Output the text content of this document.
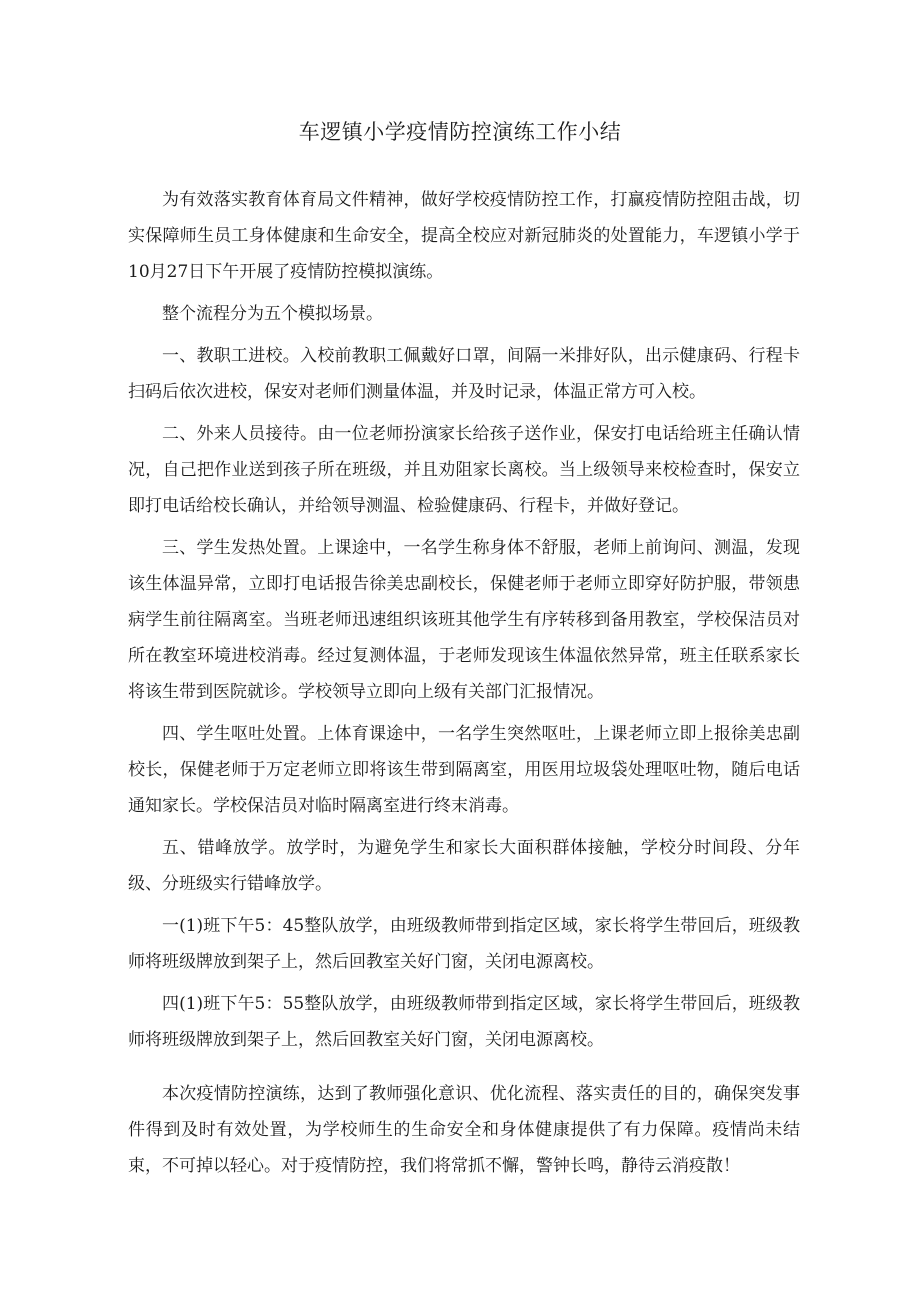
车逻镇小学疫情防控演练工作小结

为有效落实教育体育局文件精神，做好学校疫情防控工作，打赢疫情防控阻击战，切实保障师生员工身体健康和生命安全，提高全校应对新冠肺炎的处置能力，车逻镇小学于10月27日下午开展了疫情防控模拟演练。

整个流程分为五个模拟场景。

一、教职工进校。入校前教职工佩戴好口罩，间隔一米排好队，出示健康码、行程卡扫码后依次进校，保安对老师们测量体温，并及时记录，体温正常方可入校。

二、外来人员接待。由一位老师扮演家长给孩子送作业，保安打电话给班主任确认情况，自己把作业送到孩子所在班级，并且劝阻家长离校。当上级领导来校检查时，保安立即打电话给校长确认，并给领导测温、检验健康码、行程卡，并做好登记。

三、学生发热处置。上课途中，一名学生称身体不舒服，老师上前询问、测温，发现该生体温异常，立即打电话报告徐美忠副校长，保健老师于老师立即穿好防护服，带领患病学生前往隔离室。当班老师迅速组织该班其他学生有序转移到备用教室，学校保洁员对所在教室环境进校消毒。经过复测体温，于老师发现该生体温依然异常，班主任联系家长将该生带到医院就诊。学校领导立即向上级有关部门汇报情况。

四、学生呕吐处置。上体育课途中，一名学生突然呕吐，上课老师立即上报徐美忠副校长，保健老师于万定老师立即将该生带到隔离室，用医用垃圾袋处理呕吐物，随后电话通知家长。学校保洁员对临时隔离室进行终末消毒。

五、错峰放学。放学时，为避免学生和家长大面积群体接触，学校分时间段、分年级、分班级实行错峰放学。

一(1)班下午5：45整队放学，由班级教师带到指定区域，家长将学生带回后，班级教师将班级牌放到架子上，然后回教室关好门窗，关闭电源离校。

四(1)班下午5：55整队放学，由班级教师带到指定区域，家长将学生带回后，班级教师将班级牌放到架子上，然后回教室关好门窗，关闭电源离校。

本次疫情防控演练，达到了教师强化意识、优化流程、落实责任的目的，确保突发事件得到及时有效处置，为学校师生的生命安全和身体健康提供了有力保障。疫情尚未结束，不可掉以轻心。对于疫情防控，我们将常抓不懈，警钟长鸣，静待云消疫散！
